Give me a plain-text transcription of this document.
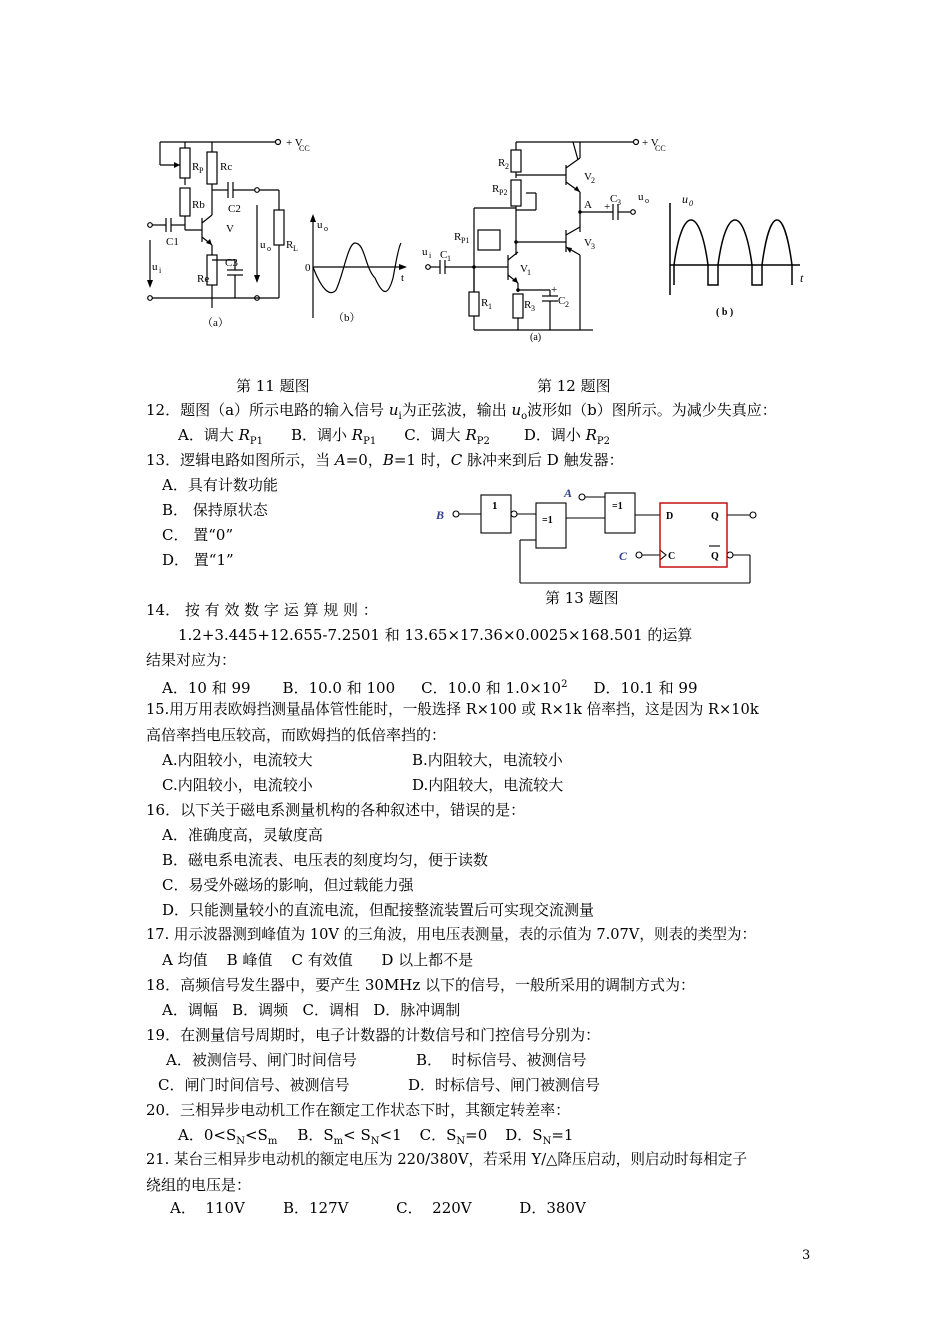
+ V
CC
R P Rc
Rb C2
V
C1
u i
u o R L
C3
Re
（a）
u o
0
t
（b）
+ V
CC
R 2
R P2
V 2
A +
C 3 u o
R P1	V 3
u i C 1
V 1
R 1	R 3
+
C 2
(a)
u 0
t
( b )
第 11 题图	第 12 题图
B
1
=1
A
=1
C
D	Q
Q
C
第 13 题图
12．题图（a）所示电路的输入信号 $u_i$为正弦波，输出 $u_o$波形如（b）图所示。为减少失真应：
A．调大 $R_{P1}$ B．调小 $R_{P1}$ C．调大 $R_{P2}$ D．调小 $R_{P2}$
13．逻辑电路如图所示，当 A=0，B=1 时，C 脉冲来到后 D 触发器：
A．具有计数功能
B． 保持原状态
C． 置“0”
D． 置“1”
14． 按 有 效 数 字 运 算 规 则 ：
1.2+3.445+12.655-7.2501 和 13.65×17.36×0.0025×168.501 的运算
结果对应为：
A．10 和 99 B．10.0 和 100 C．10.0 和 $1.0\times 10^2$ D．10.1 和 99
15.用万用表欧姆挡测量晶体管性能时，一般选择 R×100 或 R×1k 倍率挡，这是因为 R×10k
高倍率挡电压较高，而欧姆挡的低倍率挡的：
A.内阻较小，电流较大	B.内阻较大，电流较小
C.内阻较小，电流较小	D.内阻较大，电流较大
16．以下关于磁电系测量机构的各种叙述中，错误的是：
A．准确度高，灵敏度高
B．磁电系电流表、电压表的刻度均匀，便于读数
C．易受外磁场的影响，但过载能力强
D．只能测量较小的直流电流，但配接整流装置后可实现交流测量
17. 用示波器测到峰值为 10V 的三角波，用电压表测量，表的示值为 7.07V，则表的类型为：
A 均值    B 峰值    C 有效值      D 以上都不是
18．高频信号发生器中，要产生 30MHz 以下的信号，一般所采用的调制方式为：
A．调幅   B．调频   C．调相   D．脉冲调制
19．在测量信号周期时，电子计数器的计数信号和门控信号分别为：
A．被测信号、闸门时间信号	B．  时标信号、被测信号
C．闸门时间信号、被测信号	D．时标信号、闸门被测信号
20．三相异步电动机工作在额定工作状态下时，其额定转差率：
A．$0<S_N<S_m$ B．$S_m< S_N<1$ C．$S_N=0$ D．$S_N=1$
21. 某台三相异步电动机的额定电压为 220/380V，若采用 Y/△降压启动，则启动时每相定子
绕组的电压是：
A．  110V        B．127V          C．  220V          D．380V
3
